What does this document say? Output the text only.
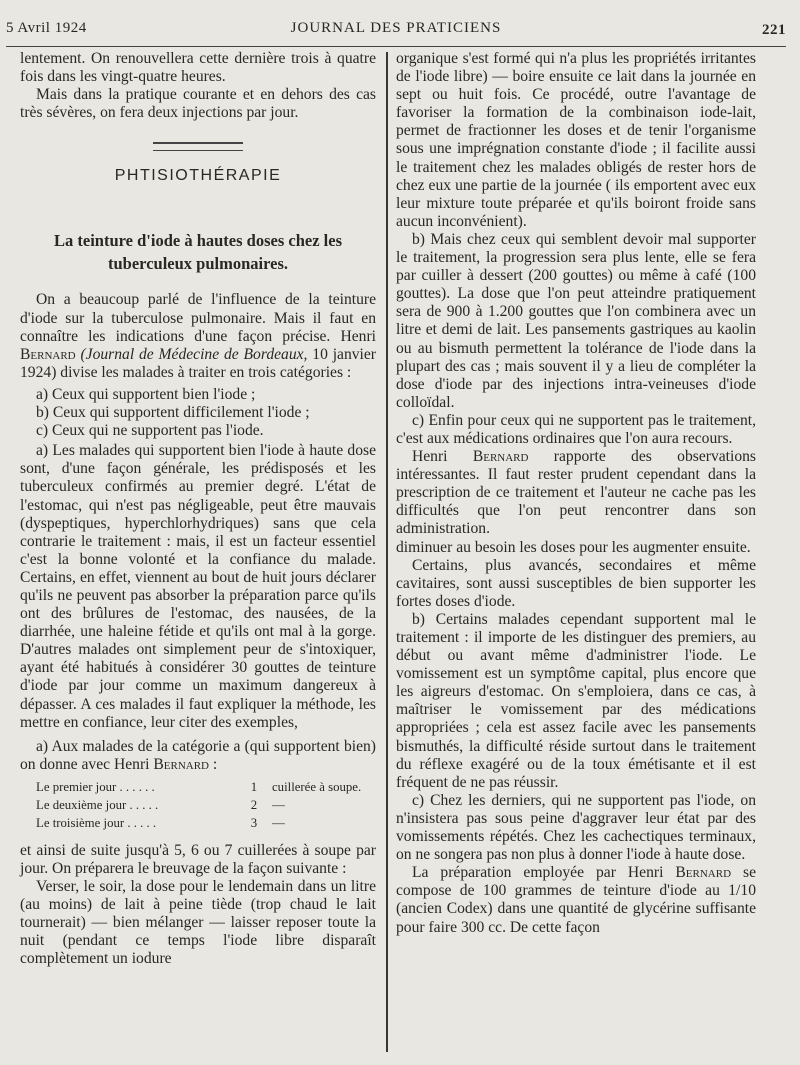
5 Avril 1924	JOURNAL DES PRATICIENS	221

lentement. On renouvellera cette dernière trois à quatre fois dans les vingt-quatre heures.

Mais dans la pratique courante et en dehors des cas très sévères, on fera deux injections par jour.

PHTISIOTHÉRAPIE
La teinture d'iode à hautes doses chez les tuberculeux pulmonaires.

On a beaucoup parlé de l'influence de la teinture d'iode sur la tuberculose pulmonaire. Mais il faut en connaître les indications d'une façon précise. Henri Bernard (Journal de Médecine de Bordeaux, 10 janvier 1924) divise les malades à traiter en trois catégories :

a) Ceux qui supportent bien l'iode ;
b) Ceux qui supportent difficilement l'iode ;
c) Ceux qui ne supportent pas l'iode.

a) Les malades qui supportent bien l'iode à haute dose sont, d'une façon générale, les prédisposés et les tuberculeux confirmés au premier degré. L'état de l'estomac, qui n'est pas négligeable, peut être mauvais (dyspeptiques, hyperchlorhydriques) sans que cela contrarie le traitement : mais, il est un facteur essentiel c'est la bonne volonté et la confiance du malade. Certains, en effet, viennent au bout de huit jours déclarer qu'ils ne peuvent pas absorber la préparation parce qu'ils ont des brûlures de l'estomac, des nausées, de la diarrhée, une haleine fétide et qu'ils ont mal à la gorge. D'autres malades ont simplement peur de s'intoxiquer, ayant été habitués à considérer 30 gouttes de teinture d'iode par jour comme un maximum dangereux à dépasser. A ces malades il faut expliquer la méthode, les mettre en confiance, leur citer des exemples,

a) Aux malades de la catégorie a (qui supportent bien) on donne avec Henri Bernard :

Le premier jour . . . . . .	1	cuillerée à soupe.
Le deuxième jour . . . . .	2	—
Le troisième jour . . . . .	3	—

et ainsi de suite jusqu'à 5, 6 ou 7 cuillerées à soupe par jour. On préparera le breuvage de la façon suivante :

Verser, le soir, la dose pour le lendemain dans un litre (au moins) de lait à peine tiède (trop chaud le lait tournerait) — bien mélanger — laisser reposer toute la nuit (pendant ce temps l'iode libre disparaît complètement un iodure

organique s'est formé qui n'a plus les propriétés irritantes de l'iode libre) — boire ensuite ce lait dans la journée en sept ou huit fois. Ce procédé, outre l'avantage de favoriser la formation de la combinaison iode-lait, permet de fractionner les doses et de tenir l'organisme sous une imprégnation constante d'iode ; il facilite aussi le traitement chez les malades obligés de rester hors de chez eux une partie de la journée ( ils emportent avec eux leur mixture toute préparée et qu'ils boiront froide sans aucun inconvénient).

b) Mais chez ceux qui semblent devoir mal supporter le traitement, la progression sera plus lente, elle se fera par cuiller à dessert (200 gouttes) ou même à café (100 gouttes). La dose que l'on peut atteindre pratiquement sera de 900 à 1.200 gouttes que l'on combinera avec un litre et demi de lait. Les pansements gastriques au kaolin ou au bismuth permettent la tolérance de l'iode dans la plupart des cas ; mais souvent il y a lieu de compléter la dose d'iode par des injections intra-veineuses d'iode colloïdal.

c) Enfin pour ceux qui ne supportent pas le traitement, c'est aux médications ordinaires que l'on aura recours.

Henri Bernard rapporte des observations intéressantes. Il faut rester prudent cependant dans la prescription de ce traitement et l'auteur ne cache pas les difficultés que l'on peut rencontrer dans son administration.

diminuer au besoin les doses pour les augmenter ensuite.

Certains, plus avancés, secondaires et même cavitaires, sont aussi susceptibles de bien supporter les fortes doses d'iode.

b) Certains malades cependant supportent mal le traitement : il importe de les distinguer des premiers, au début ou avant même d'administrer l'iode. Le vomissement est un symptôme capital, plus encore que les aigreurs d'estomac. On s'emploiera, dans ce cas, à maîtriser le vomissement par des médications appropriées ; cela est assez facile avec les pansements bismuthés, la difficulté réside surtout dans le traitement du réflexe exagéré ou de la toux émétisante et il est fréquent de ne pas réussir.

c) Chez les derniers, qui ne supportent pas l'iode, on n'insistera pas sous peine d'aggraver leur état par des vomissements répétés. Chez les cachectiques terminaux, on ne songera pas non plus à donner l'iode à haute dose.

La préparation employée par Henri Bernard se compose de 100 grammes de teinture d'iode au 1/10 (ancien Codex) dans une quantité de glycérine suffisante pour faire 300 cc. De cette façon
